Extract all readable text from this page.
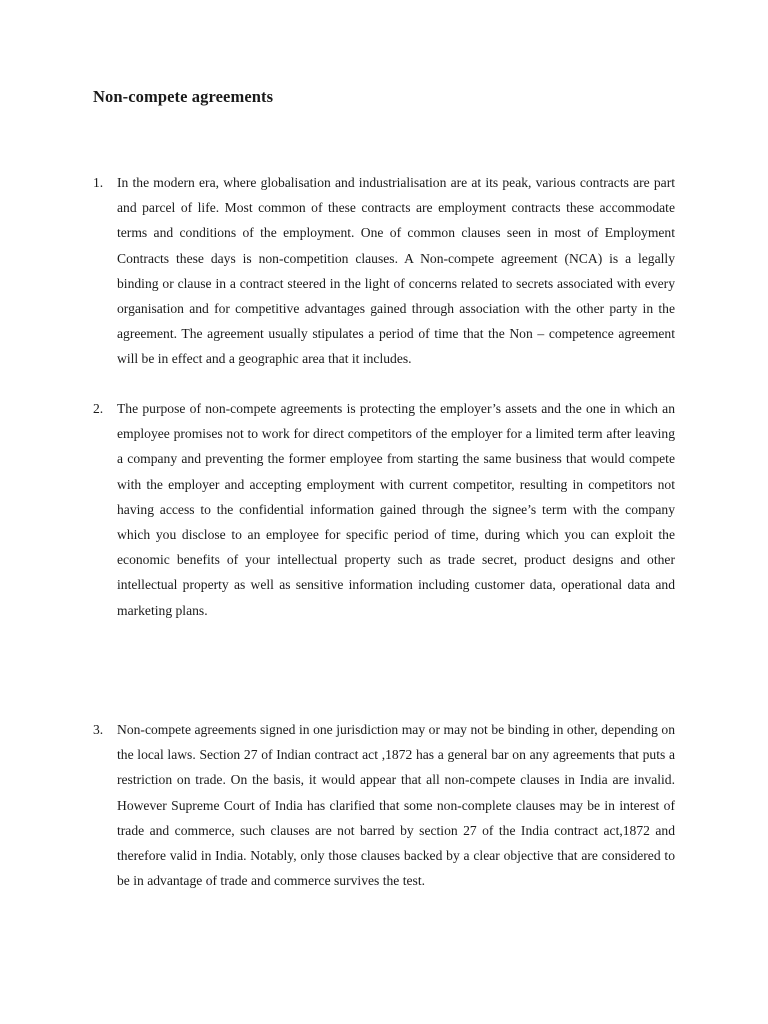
Non-compete agreements
1. In the modern era, where globalisation and industrialisation are at its peak, various contracts are part and parcel of life. Most common of these contracts are employment contracts these accommodate terms and conditions of the employment. One of common clauses seen in most of Employment Contracts these days is non-competition clauses. A Non-compete agreement (NCA) is a legally binding or clause in a contract steered in the light of concerns related to secrets associated with every organisation and for competitive advantages gained through association with the other party in the agreement. The agreement usually stipulates a period of time that the Non – competence agreement will be in effect and a geographic area that it includes.
2. The purpose of non-compete agreements is protecting the employer’s assets and the one in which an employee promises not to work for direct competitors of the employer for a limited term after leaving a company and preventing the former employee from starting the same business that would compete with the employer and accepting employment with current competitor, resulting in competitors not having access to the confidential information gained through the signee’s term with the company which you disclose to an employee for specific period of time, during which you can exploit the economic benefits of your intellectual property such as trade secret, product designs and other intellectual property as well as sensitive information including customer data, operational data and marketing plans.
3. Non-compete agreements signed in one jurisdiction may or may not be binding in other, depending on the local laws. Section 27 of Indian contract act ,1872 has a general bar on any agreements that puts a restriction on trade. On the basis, it would appear that all non-compete clauses in India are invalid. However Supreme Court of India has clarified that some non-complete clauses may be in interest of trade and commerce, such clauses are not barred by section 27 of the India contract act,1872 and therefore valid in India. Notably, only those clauses backed by a clear objective that are considered to be in advantage of trade and commerce survives the test.
